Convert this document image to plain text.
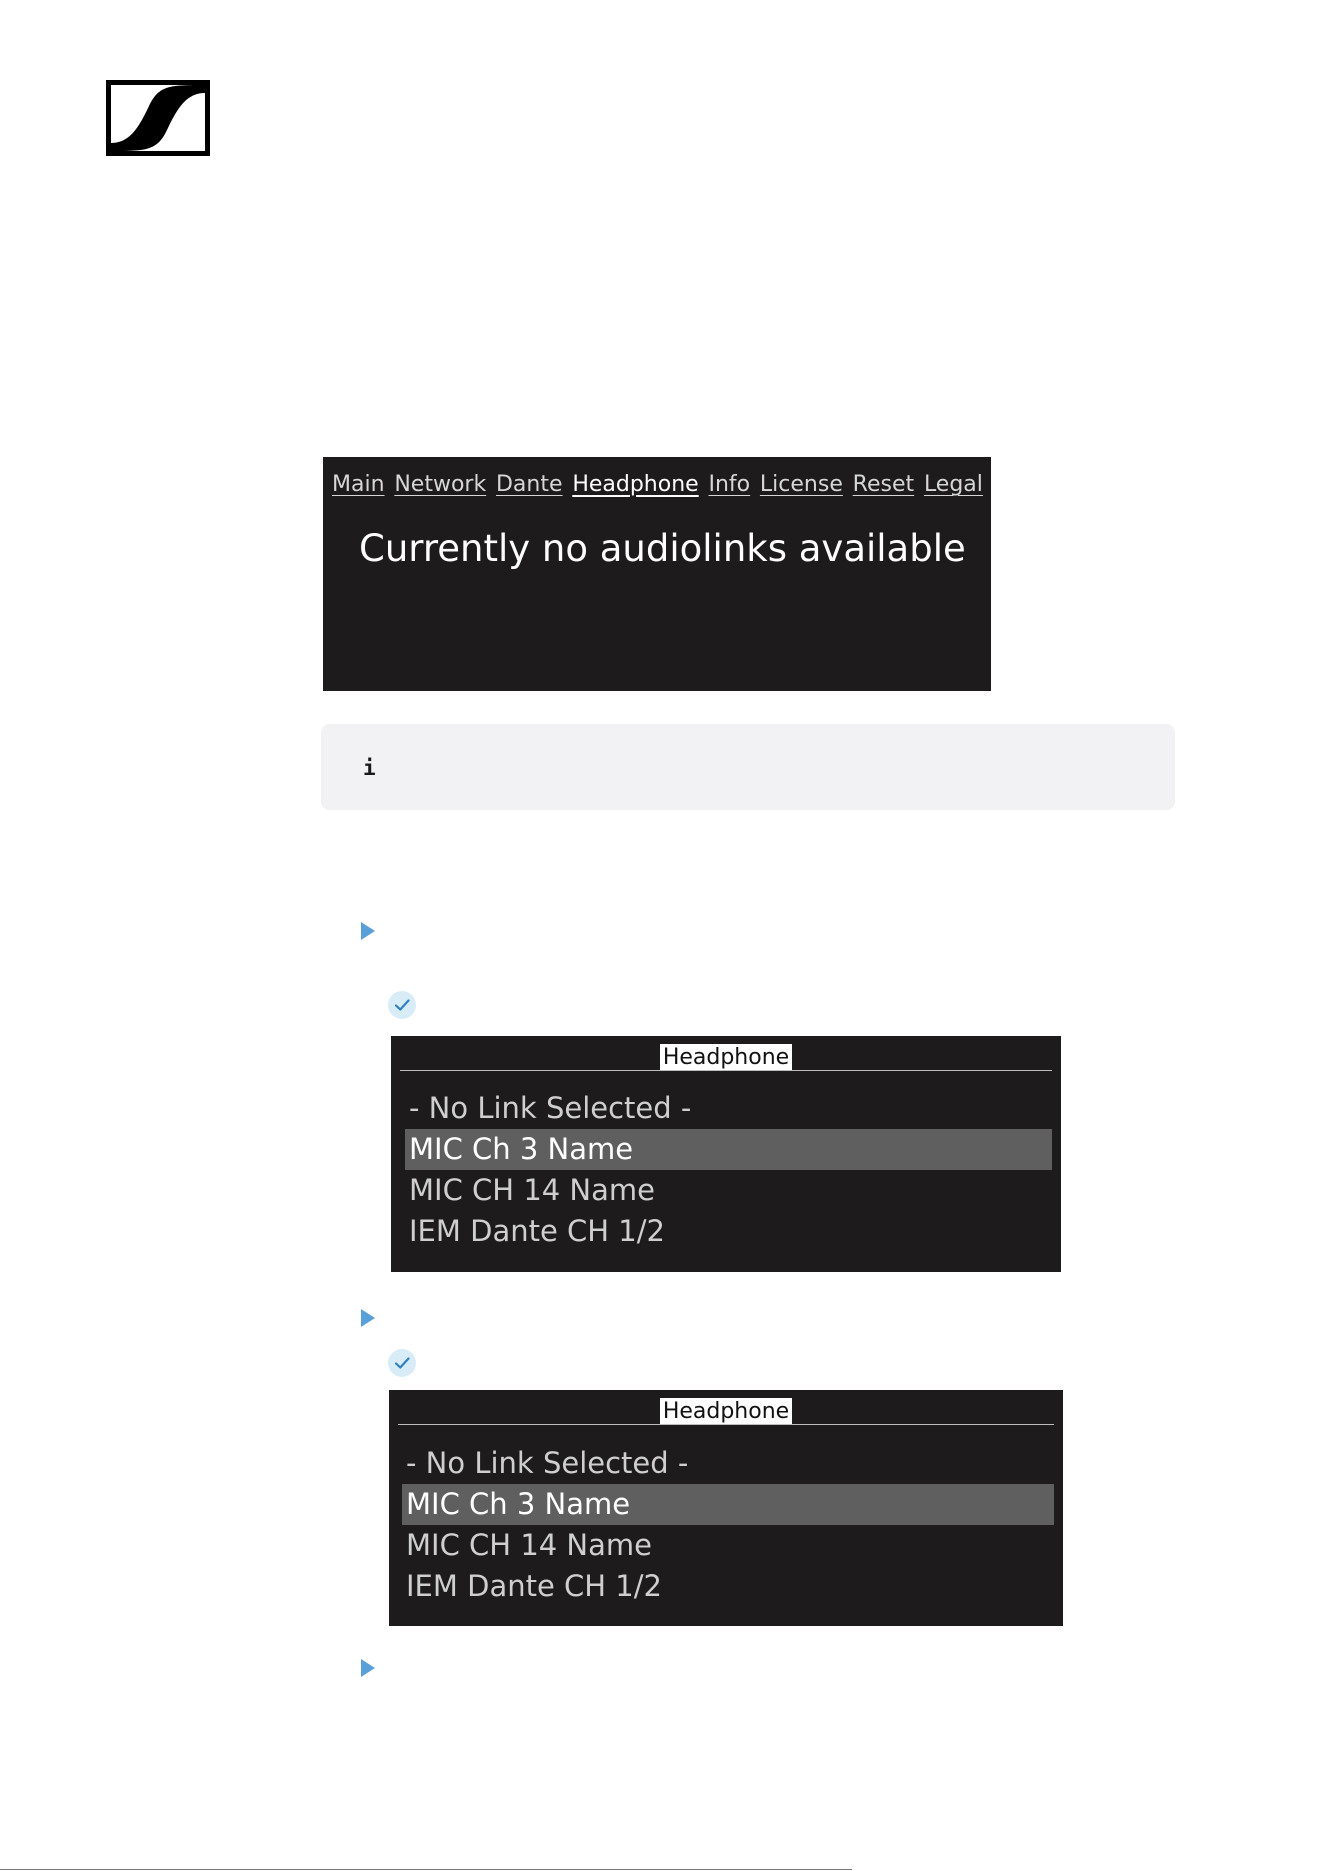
Main Network Dante Headphone Info License Reset Legal
Currently no audiolinks available
i
Headphone
- No Link Selected -
MIC Ch 3 Name
MIC CH 14 Name
IEM Dante CH 1/2
Headphone
- No Link Selected -
MIC Ch 3 Name
MIC CH 14 Name
IEM Dante CH 1/2
